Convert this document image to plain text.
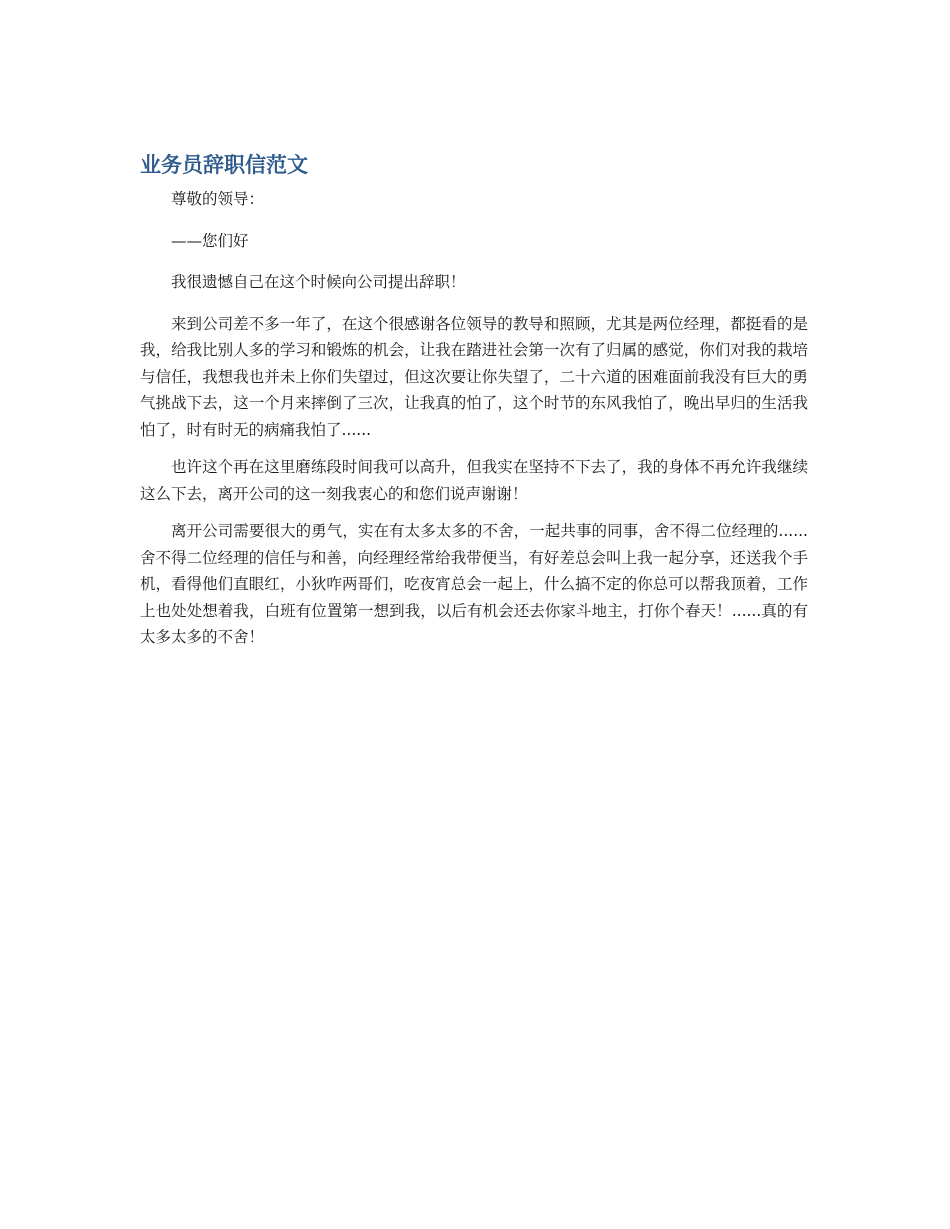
业务员辞职信范文

尊敬的领导：

——您们好

我很遗憾自己在这个时候向公司提出辞职！

来到公司差不多一年了，在这个很感谢各位领导的教导和照顾，尤其是两位经理，都挺看的是我，给我比别人多的学习和锻炼的机会，让我在踏进社会第一次有了归属的感觉，你们对我的栽培与信任，我想我也并未上你们失望过，但这次要让你失望了，二十六道的困难面前我没有巨大的勇气挑战下去，这一个月来摔倒了三次，让我真的怕了，这个时节的东风我怕了，晚出早归的生活我怕了，时有时无的病痛我怕了......

也许这个再在这里磨练段时间我可以高升，但我实在坚持不下去了，我的身体不再允许我继续这么下去，离开公司的这一刻我衷心的和您们说声谢谢！

离开公司需要很大的勇气，实在有太多太多的不舍，一起共事的同事，舍不得二位经理的......舍不得二位经理的信任与和善，向经理经常给我带便当，有好差总会叫上我一起分享，还送我个手机，看得他们直眼红，小狄咋两哥们，吃夜宵总会一起上，什么搞不定的你总可以帮我顶着，工作上也处处想着我，白班有位置第一想到我，以后有机会还去你家斗地主，打你个春天！......真的有太多太多的不舍！
